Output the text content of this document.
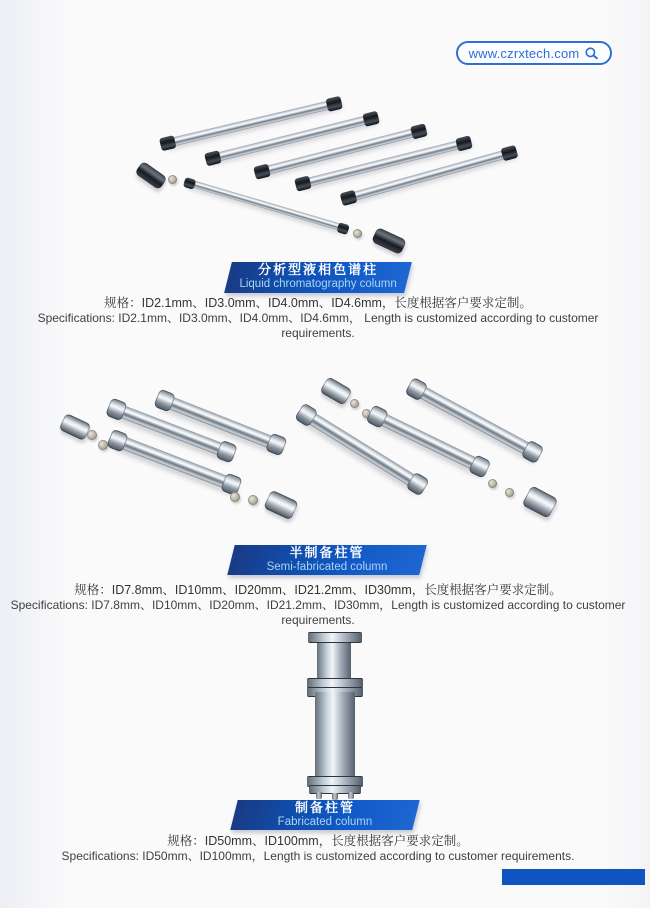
www.czrxtech.com
分析型液相色谱柱
Liquid chromatography column
规格：ID2.1mm、ID3.0mm、ID4.0mm、ID4.6mm，长度根据客户要求定制。
Specifications: ID2.1mm、ID3.0mm、ID4.0mm、ID4.6mm， Length is customized according to customer requirements.
半制备柱管
Semi-fabricated column
规格：ID7.8mm、ID10mm、ID20mm、ID21.2mm、ID30mm，长度根据客户要求定制。
Specifications: ID7.8mm、ID10mm、ID20mm、ID21.2mm、ID30mm，Length is customized according to customer requirements.
制备柱管
Fabricated column
规格：ID50mm、ID100mm，长度根据客户要求定制。
Specifications: ID50mm、ID100mm，Length is customized according to customer requirements.
